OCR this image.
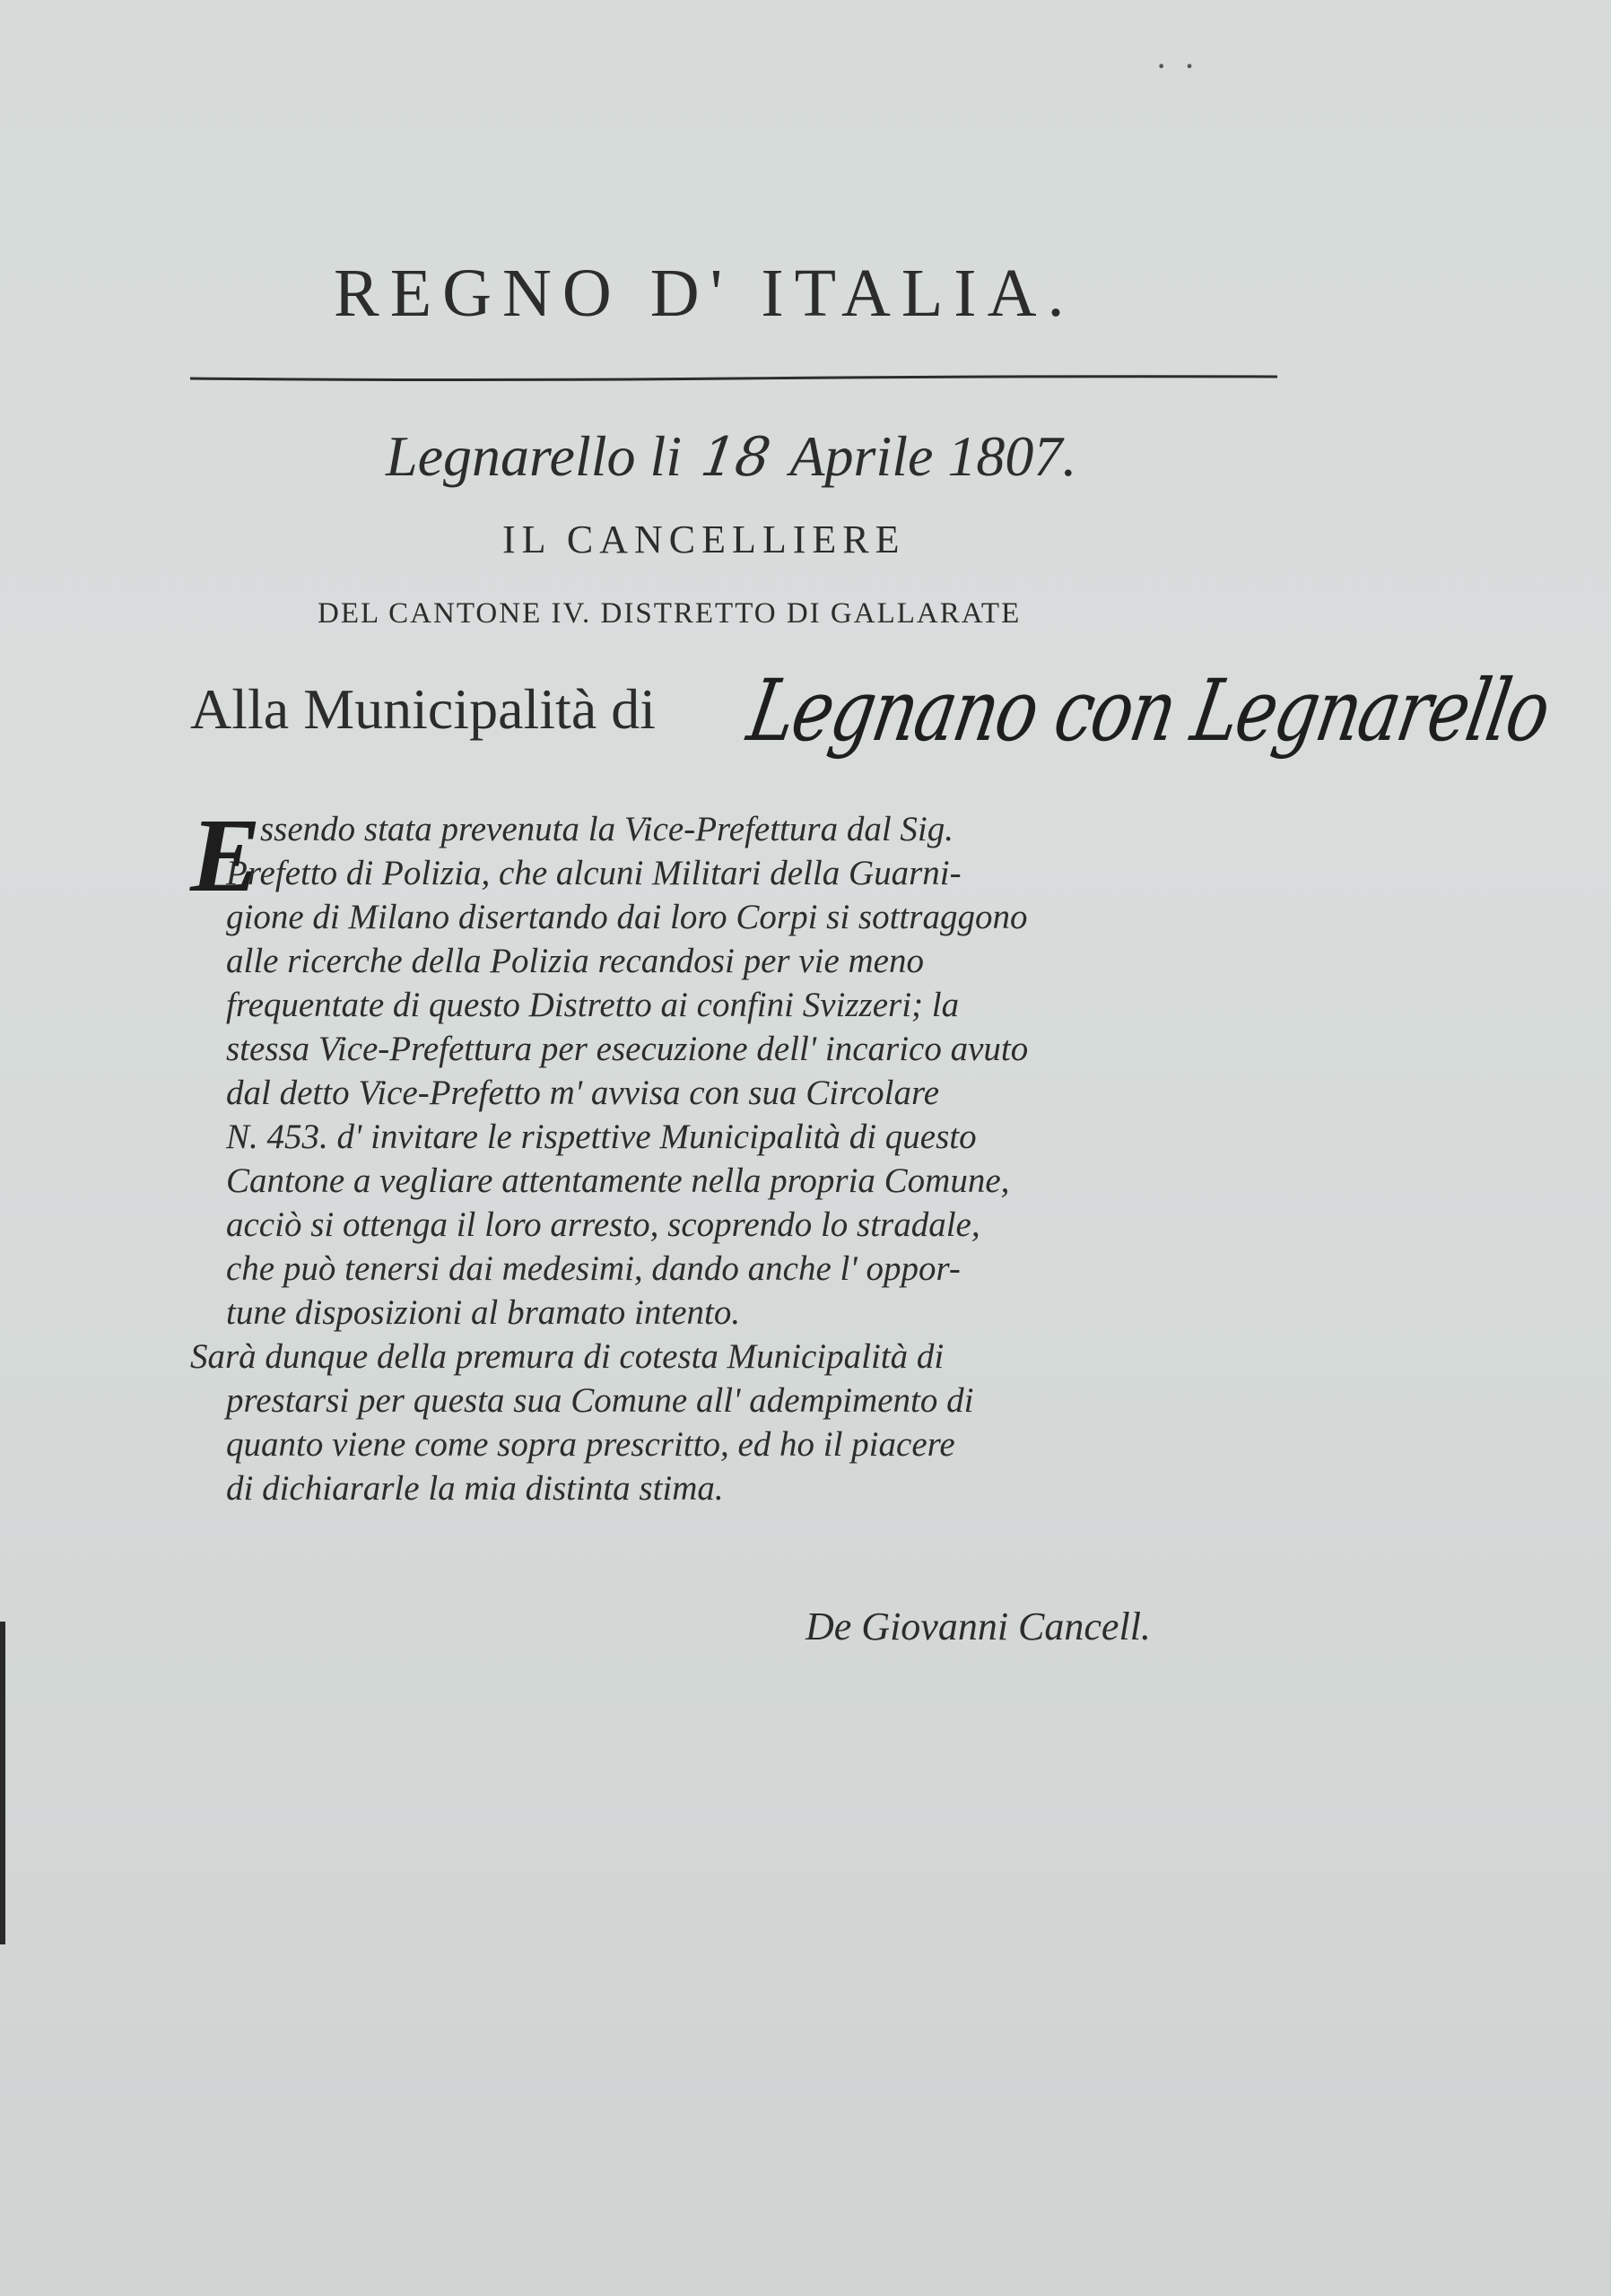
··
REGNO D' ITALIA.
Legnarello li 18 Aprile 1807.
IL CANCELLIERE
DEL CANTONE IV. DISTRETTO DI GALLARATE
Alla Municipalità di Legnano con Legnarello
E ssendo stata prevenuta la Vice-Prefettura dal Sig.
Prefetto di Polizia, che alcuni Militari della Guarni-
gione di Milano disertando dai loro Corpi si sottraggono
alle ricerche della Polizia recandosi per vie meno
frequentate di questo Distretto ai confini Svizzeri; la
stessa Vice-Prefettura per esecuzione dell' incarico avuto
dal detto Vice-Prefetto m' avvisa con sua Circolare
N. 453. d' invitare le rispettive Municipalità di questo
Cantone a vegliare attentamente nella propria Comune,
acciò si ottenga il loro arresto, scoprendo lo stradale,
che può tenersi dai medesimi, dando anche l' oppor-
tune disposizioni al bramato intento.
Sarà dunque della premura di cotesta Municipalità di
prestarsi per questa sua Comune all' adempimento di
quanto viene come sopra prescritto, ed ho il piacere
di dichiararle la mia distinta stima.
De Giovanni Cancell.
